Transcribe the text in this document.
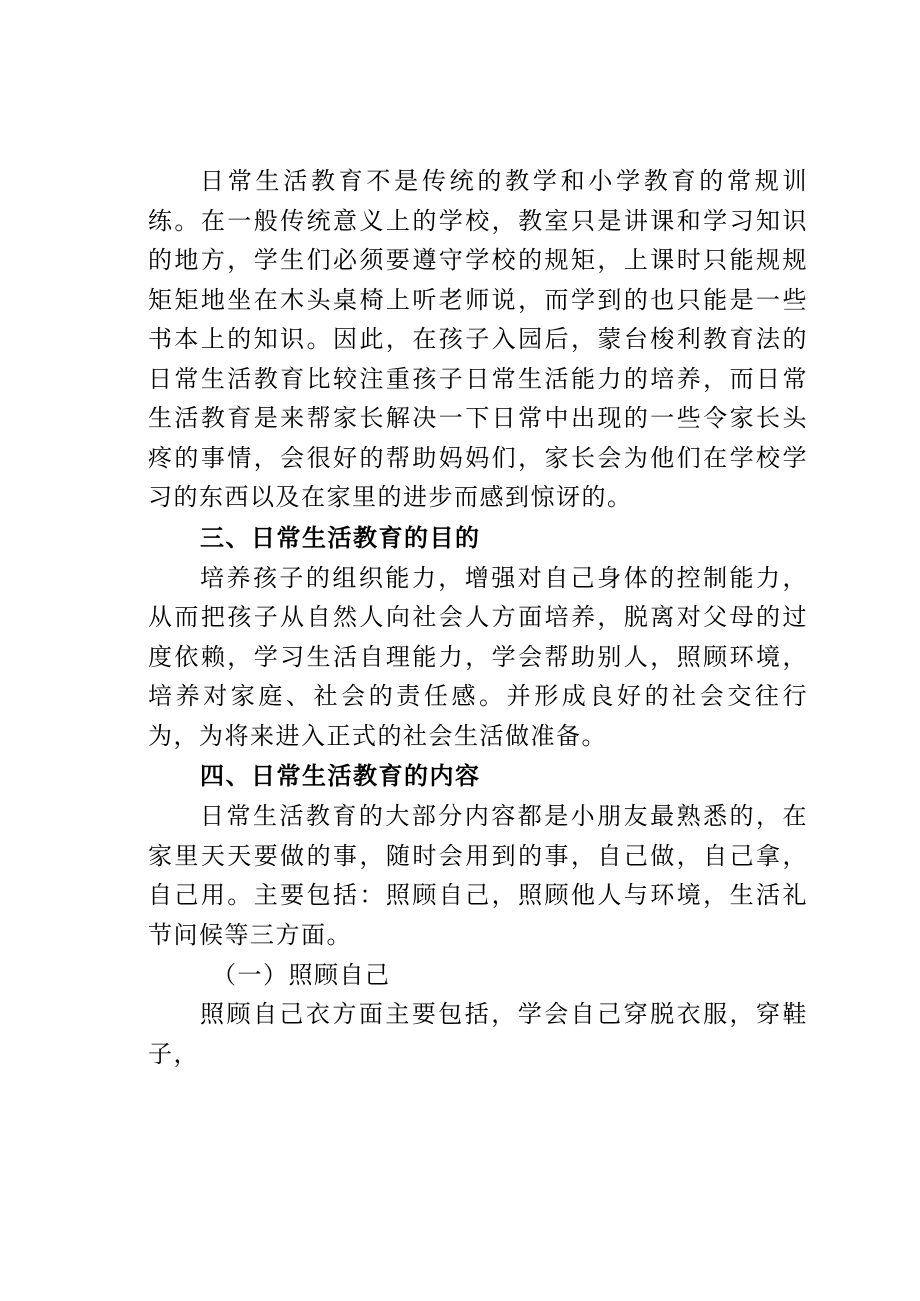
日常生活教育不是传统的教学和小学教育的常规训练。在一般传统意义上的学校，教室只是讲课和学习知识的地方，学生们必须要遵守学校的规矩，上课时只能规规矩矩地坐在木头桌椅上听老师说，而学到的也只能是一些书本上的知识。因此，在孩子入园后，蒙台梭利教育法的日常生活教育比较注重孩子日常生活能力的培养，而日常生活教育是来帮家长解决一下日常中出现的一些令家长头疼的事情，会很好的帮助妈妈们，家长会为他们在学校学习的东西以及在家里的进步而感到惊讶的。

三、日常生活教育的目的

培养孩子的组织能力，增强对自己身体的控制能力，从而把孩子从自然人向社会人方面培养，脱离对父母的过度依赖，学习生活自理能力，学会帮助别人，照顾环境，培养对家庭、社会的责任感。并形成良好的社会交往行为，为将来进入正式的社会生活做准备。

四、日常生活教育的内容

日常生活教育的大部分内容都是小朋友最熟悉的，在家里天天要做的事，随时会用到的事，自己做，自己拿，自己用。主要包括：照顾自己，照顾他人与环境，生活礼节问候等三方面。

（一）照顾自己

照顾自己衣方面主要包括，学会自己穿脱衣服，穿鞋子，
